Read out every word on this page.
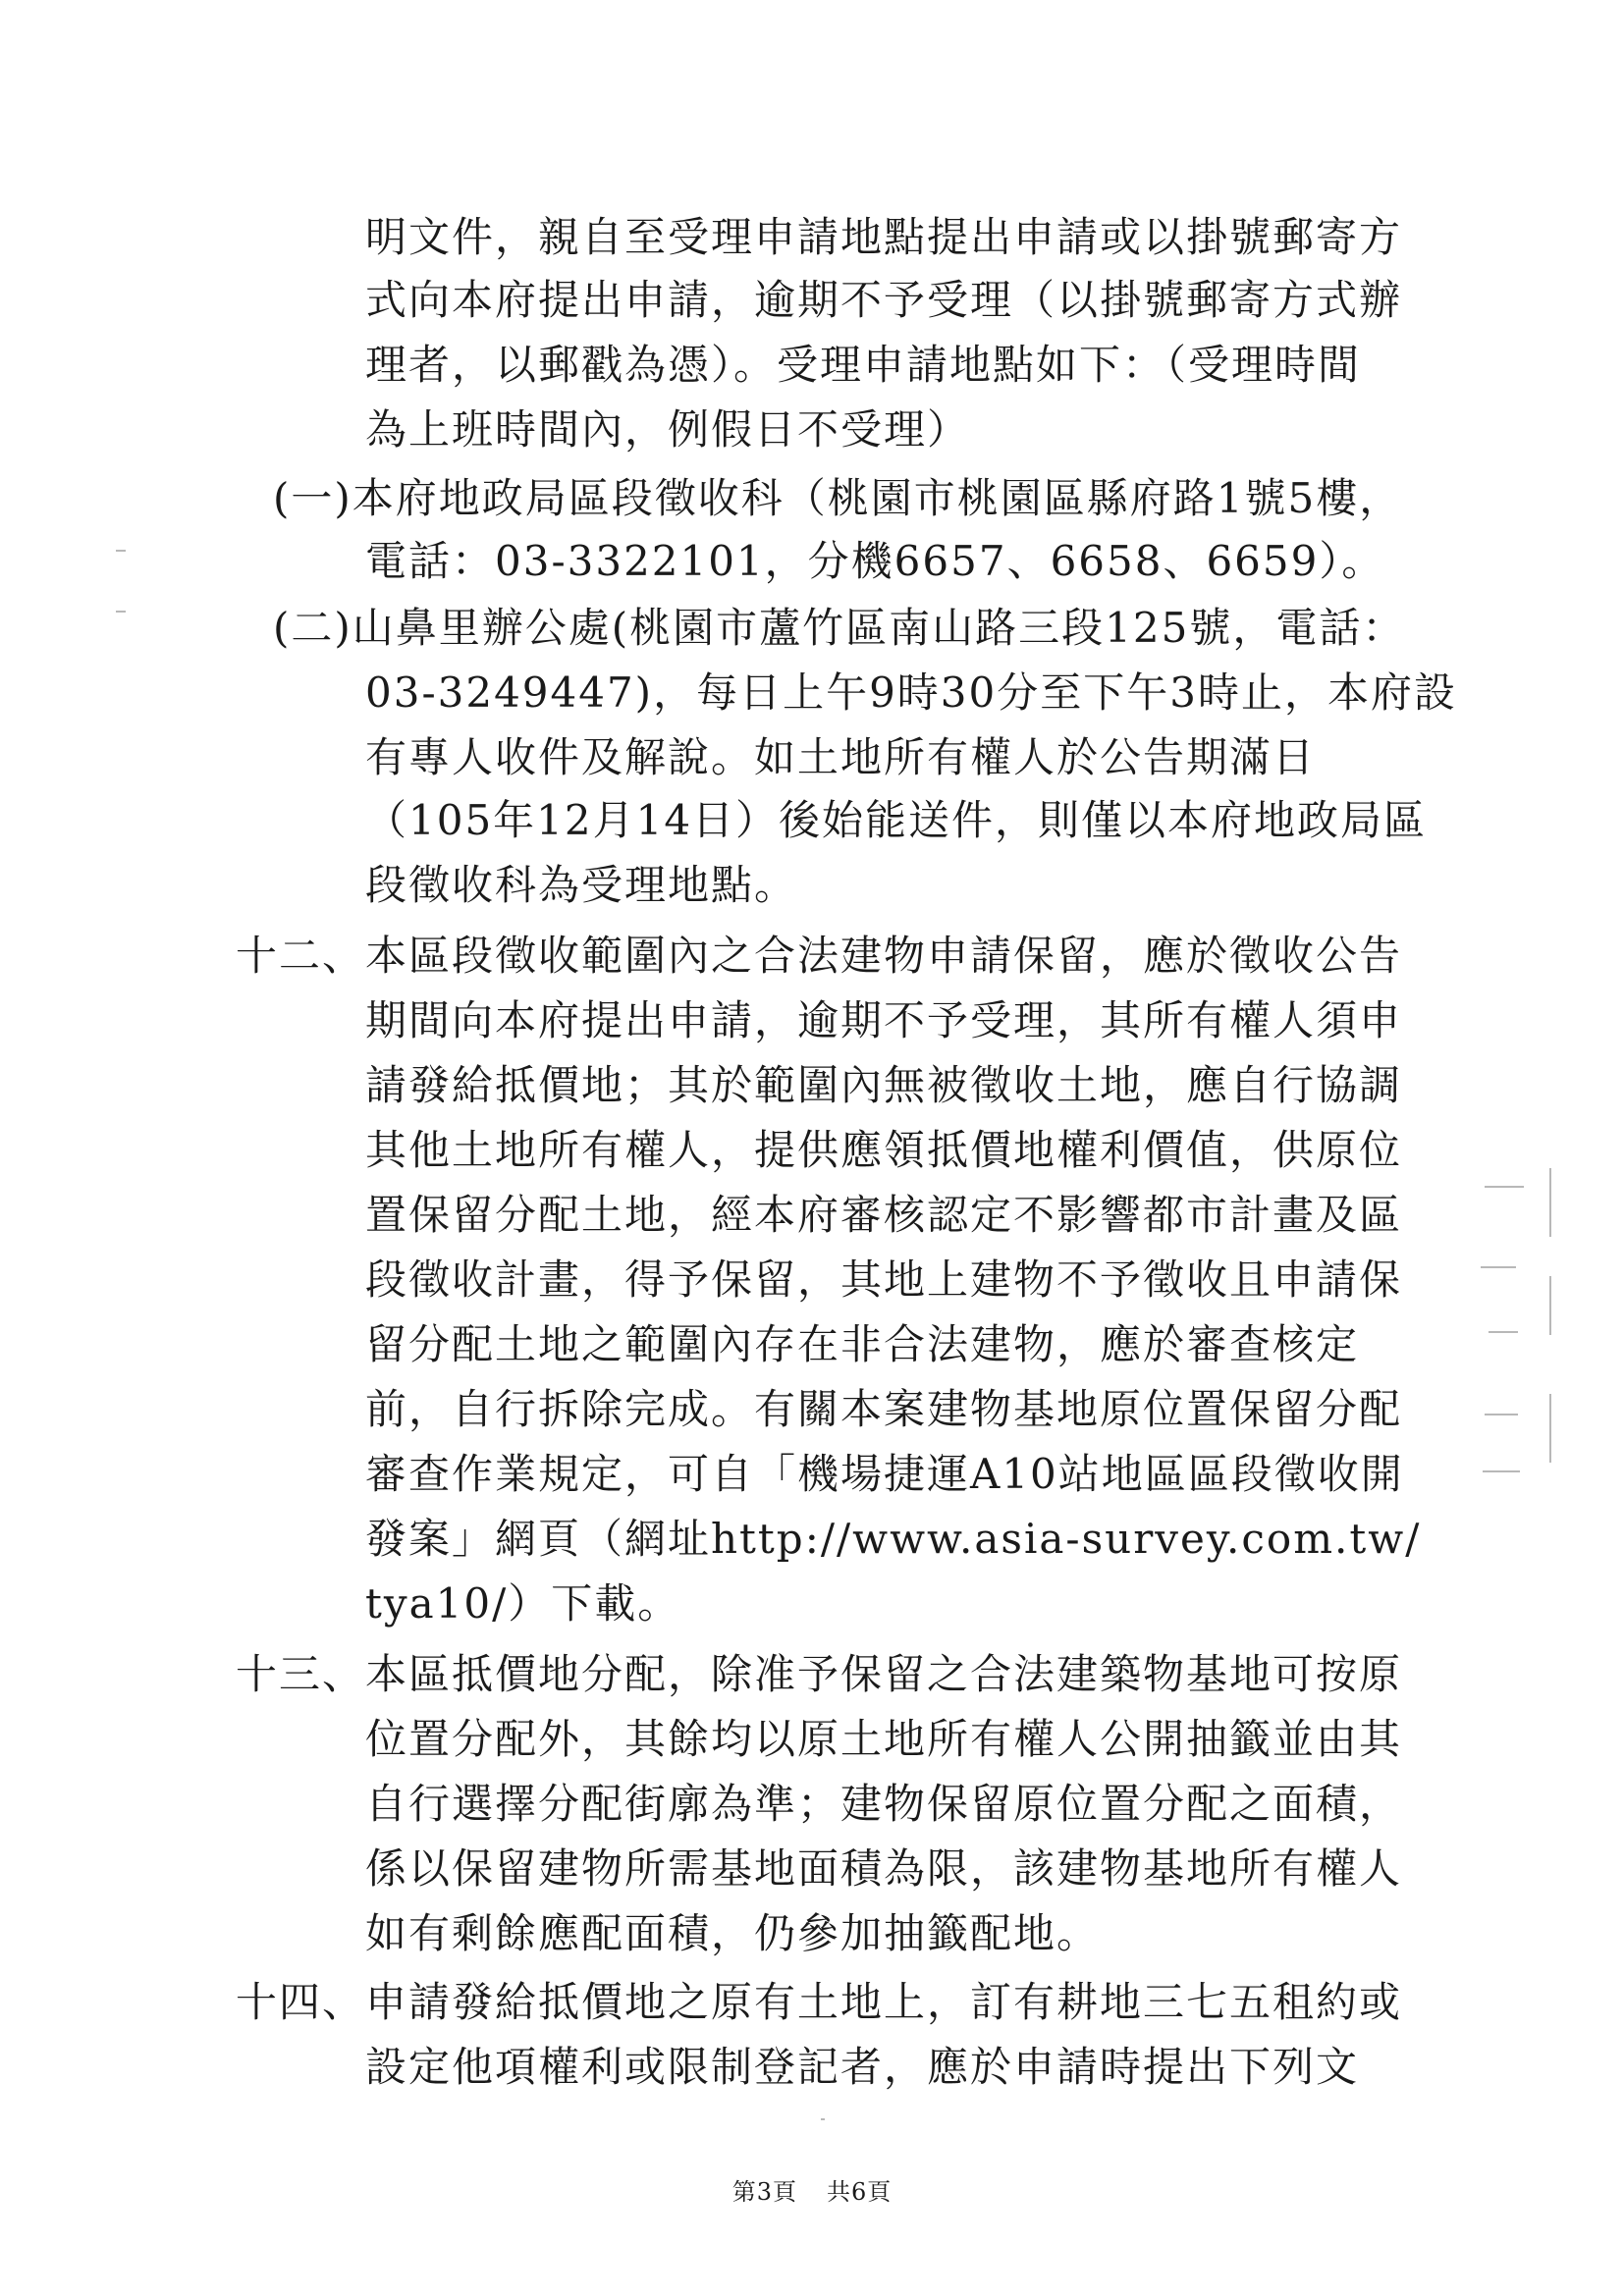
明文件，親自至受理申請地點提出申請或以掛號郵寄方
式向本府提出申請，逾期不予受理（以掛號郵寄方式辦
理者，以郵戳為憑）。受理申請地點如下：（受理時間
為上班時間內，例假日不受理）
(一)本府地政局區段徵收科（桃園市桃園區縣府路1號5樓，
電話：03-3322101，分機6657、6658、6659）。
(二)山鼻里辦公處(桃園市蘆竹區南山路三段125號，電話：
03-3249447)，每日上午9時30分至下午3時止，本府設
有專人收件及解說。如土地所有權人於公告期滿日
（105年12月14日）後始能送件，則僅以本府地政局區
段徵收科為受理地點。
十二、本區段徵收範圍內之合法建物申請保留，應於徵收公告
期間向本府提出申請，逾期不予受理，其所有權人須申
請發給抵價地；其於範圍內無被徵收土地，應自行協調
其他土地所有權人，提供應領抵價地權利價值，供原位
置保留分配土地，經本府審核認定不影響都市計畫及區
段徵收計畫，得予保留，其地上建物不予徵收且申請保
留分配土地之範圍內存在非合法建物，應於審查核定
前，自行拆除完成。有關本案建物基地原位置保留分配
審查作業規定，可自「機場捷運A10站地區區段徵收開
發案」網頁（網址http://www.asia-survey.com.tw/
tya10/）下載。
十三、本區抵價地分配，除准予保留之合法建築物基地可按原
位置分配外，其餘均以原土地所有權人公開抽籤並由其
自行選擇分配街廓為準；建物保留原位置分配之面積，
係以保留建物所需基地面積為限，該建物基地所有權人
如有剩餘應配面積，仍參加抽籤配地。
十四、申請發給抵價地之原有土地上，訂有耕地三七五租約或
設定他項權利或限制登記者，應於申請時提出下列文
第3頁 共6頁
